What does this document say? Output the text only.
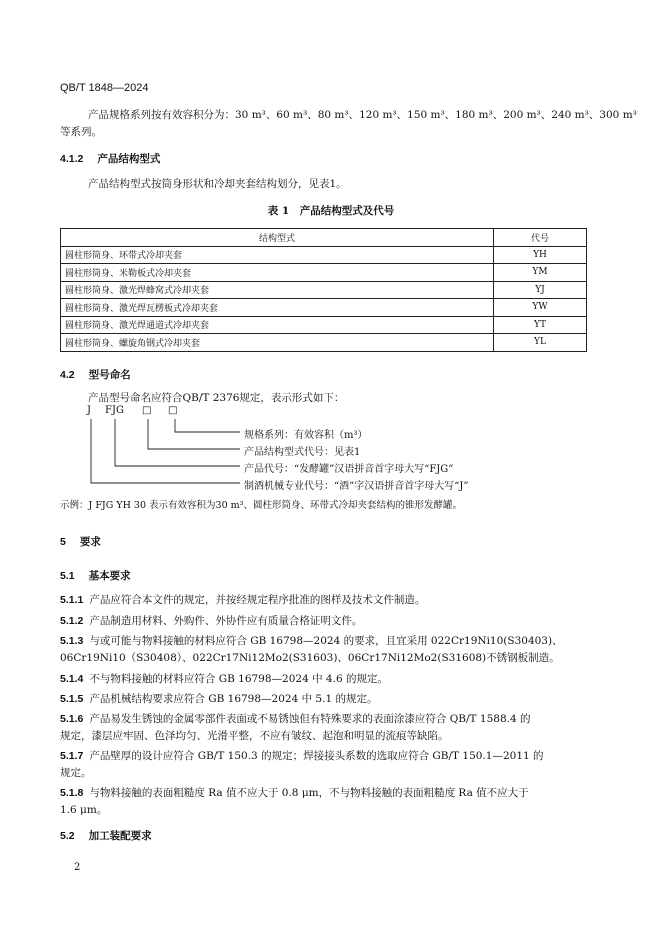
QB/T 1848—2024
产品规格系列按有效容积分为：30 m³、60 m³、80 m³、120 m³、150 m³、180 m³、200 m³、240 m³、300 m³
等系列。
4.1.2 产品结构型式
产品结构型式按筒身形状和冷却夹套结构划分，见表1。
表 1　产品结构型式及代号
结构型式	代号
圆柱形筒身、环带式冷却夹套	YH
圆柱形筒身、米勒板式冷却夹套	YM
圆柱形筒身、激光焊蜂窝式冷却夹套	YJ
圆柱形筒身、激光焊瓦楞板式冷却夹套	YW
圆柱形筒身、激光焊通道式冷却夹套	YT
圆柱形筒身、螺旋角钢式冷却夹套	YL
4.2 型号命名
产品型号命名应符合QB/T 2376规定，表示形式如下：
J FJG □ □
规格系列：有效容积（m³）
产品结构型式代号：见表1
产品代号：“发酵罐”汉语拼音首字母大写“FJG”
制酒机械专业代号：“酒”字汉语拼音首字母大写“J”
示例：J FJG YH 30 表示有效容积为30 m³、圆柱形筒身、环带式冷却夹套结构的锥形发酵罐。
5 要求
5.1 基本要求
5.1.1 产品应符合本文件的规定，并按经规定程序批准的图样及技术文件制造。
5.1.2 产品制造用材料、外购件、外协件应有质量合格证明文件。
5.1.3 与或可能与物料接触的材料应符合 GB 16798—2024 的要求，且宜采用 022Cr19Ni10(S30403)、
06Cr19Ni10（S30408）、022Cr17Ni12Mo2(S31603)、06Cr17Ni12Mo2(S31608)不锈钢板制造。
5.1.4 不与物料接触的材料应符合 GB 16798—2024 中 4.6 的规定。
5.1.5 产品机械结构要求应符合 GB 16798—2024 中 5.1 的规定。
5.1.6 产品易发生锈蚀的金属零部件表面或不易锈蚀但有特殊要求的表面涂漆应符合 QB/T 1588.4 的
规定，漆层应牢固、色泽均匀、光滑平整，不应有皱纹、起泡和明显的流痕等缺陷。
5.1.7 产品壁厚的设计应符合 GB/T 150.3 的规定；焊接接头系数的选取应符合 GB/T 150.1—2011 的
规定。
5.1.8 与物料接触的表面粗糙度 Ra 值不应大于 0.8 μm，不与物料接触的表面粗糙度 Ra 值不应大于
1.6 μm。
5.2 加工装配要求
2
